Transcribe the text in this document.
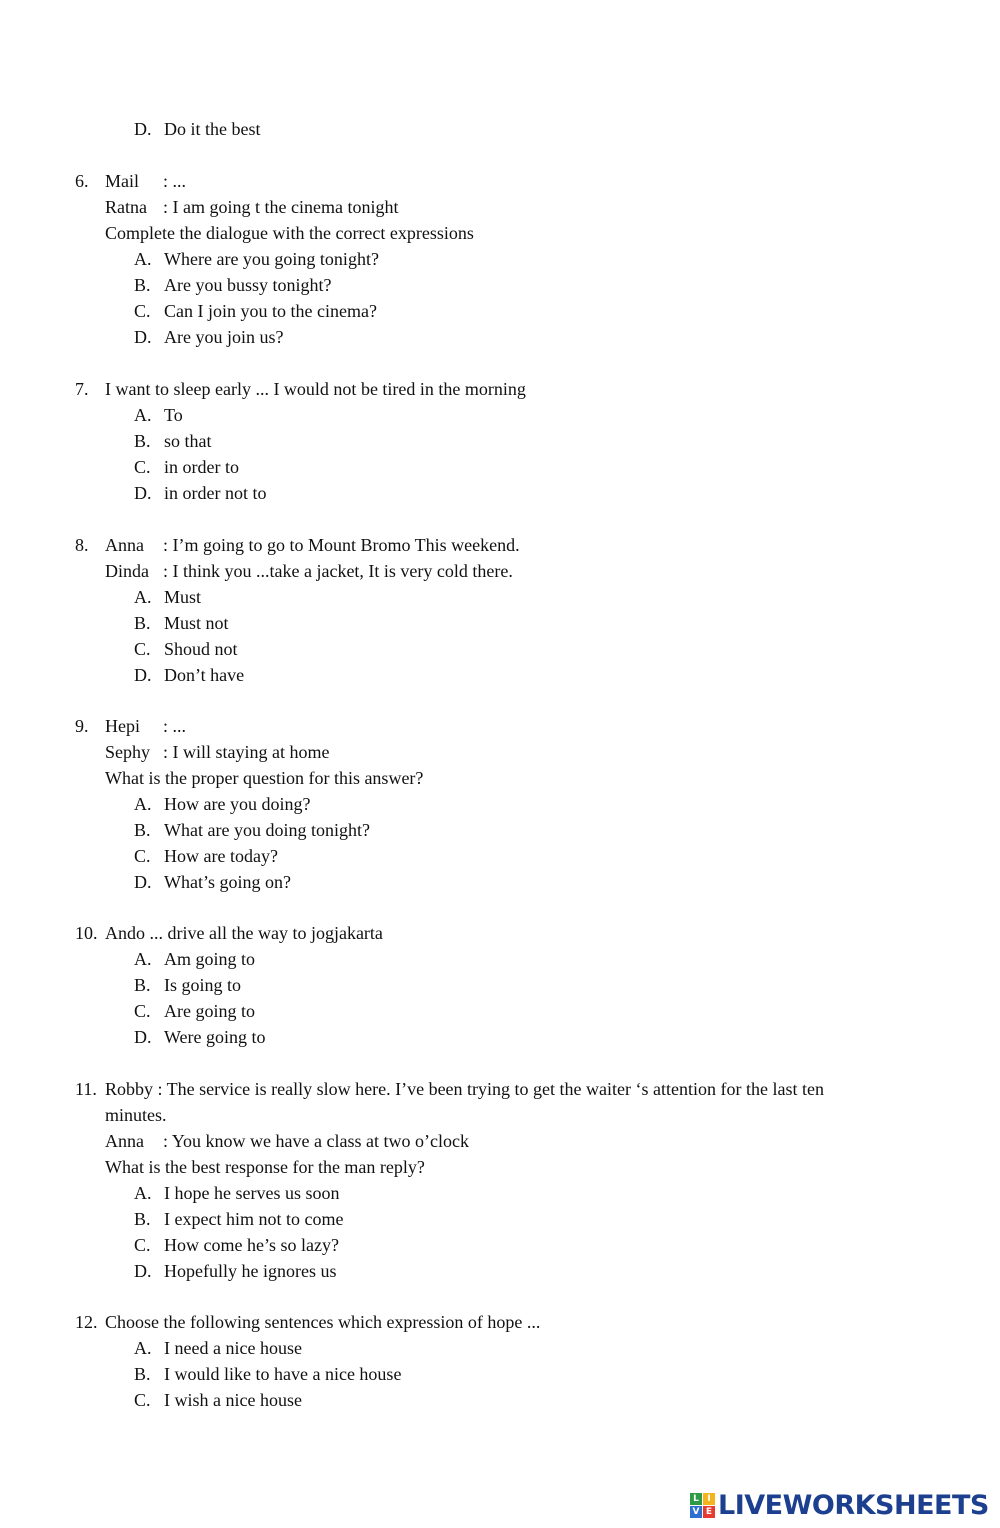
D. Do it the best
6. Mail : ...
Ratna : I am going t the cinema tonight
Complete the dialogue with the correct expressions
A. Where are you going tonight?
B. Are you bussy tonight?
C. Can I join you to the cinema?
D. Are you join us?
7. I want to sleep early ... I would not be tired in the morning
A. To
B. so that
C. in order to
D. in order not to
8. Anna : I’m going to go to Mount Bromo This weekend.
Dinda : I think you ...take a jacket, It is very cold there.
A. Must
B. Must not
C. Shoud not
D. Don’t have
9. Hepi : ...
Sephy : I will staying at home
What is the proper question for this answer?
A. How are you doing?
B. What are you doing tonight?
C. How are today?
D. What’s going on?
10. Ando ... drive all the way to jogjakarta
A. Am going to
B. Is going to
C. Are going to
D. Were going to
11. Robby : The service is really slow here. I’ve been trying to get the waiter ‘s attention for the last ten
minutes.
Anna : You know we have a class at two o’clock
What is the best response for the man reply?
A. I hope he serves us soon
B. I expect him not to come
C. How come he’s so lazy?
D. Hopefully he ignores us
12. Choose the following sentences which expression of hope ...
A. I need a nice house
B. I would like to have a nice house
C. I wish a nice house
L I
V E LIVEWORKSHEETS
